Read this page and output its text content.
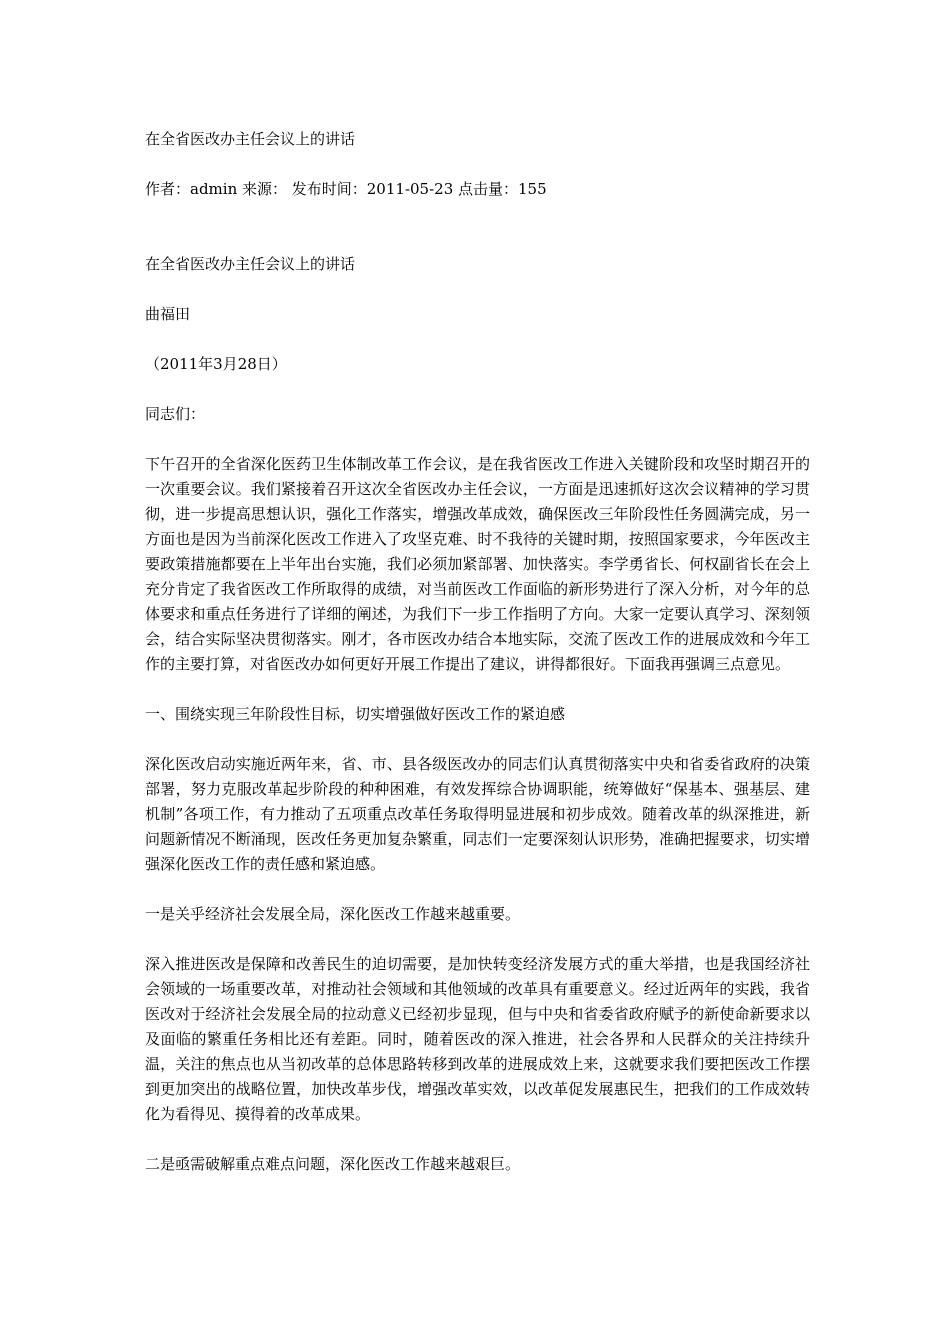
在全省医改办主任会议上的讲话

作者：admin 来源： 发布时间：2011-05-23 点击量：155

在全省医改办主任会议上的讲话

曲福田

（2011年3月28日）

同志们：

下午召开的全省深化医药卫生体制改革工作会议，是在我省医改工作进入关键阶段和攻坚时期召开的一次重要会议。我们紧接着召开这次全省医改办主任会议，一方面是迅速抓好这次会议精神的学习贯彻，进一步提高思想认识，强化工作落实，增强改革成效，确保医改三年阶段性任务圆满完成，另一方面也是因为当前深化医改工作进入了攻坚克难、时不我待的关键时期，按照国家要求，今年医改主要政策措施都要在上半年出台实施，我们必须加紧部署、加快落实。李学勇省长、何权副省长在会上充分肯定了我省医改工作所取得的成绩，对当前医改工作面临的新形势进行了深入分析，对今年的总体要求和重点任务进行了详细的阐述，为我们下一步工作指明了方向。大家一定要认真学习、深刻领会，结合实际坚决贯彻落实。刚才，各市医改办结合本地实际，交流了医改工作的进展成效和今年工作的主要打算，对省医改办如何更好开展工作提出了建议，讲得都很好。下面我再强调三点意见。

一、围绕实现三年阶段性目标，切实增强做好医改工作的紧迫感

深化医改启动实施近两年来，省、市、县各级医改办的同志们认真贯彻落实中央和省委省政府的决策部署，努力克服改革起步阶段的种种困难，有效发挥综合协调职能，统筹做好“保基本、强基层、建机制”各项工作，有力推动了五项重点改革任务取得明显进展和初步成效。随着改革的纵深推进，新问题新情况不断涌现，医改任务更加复杂繁重，同志们一定要深刻认识形势，准确把握要求，切实增强深化医改工作的责任感和紧迫感。

一是关乎经济社会发展全局，深化医改工作越来越重要。

深入推进医改是保障和改善民生的迫切需要，是加快转变经济发展方式的重大举措，也是我国经济社会领域的一场重要改革，对推动社会领域和其他领域的改革具有重要意义。经过近两年的实践，我省医改对于经济社会发展全局的拉动意义已经初步显现，但与中央和省委省政府赋予的新使命新要求以及面临的繁重任务相比还有差距。同时，随着医改的深入推进，社会各界和人民群众的关注持续升温，关注的焦点也从当初改革的总体思路转移到改革的进展成效上来，这就要求我们要把医改工作摆到更加突出的战略位置，加快改革步伐，增强改革实效，以改革促发展惠民生，把我们的工作成效转化为看得见、摸得着的改革成果。

二是亟需破解重点难点问题，深化医改工作越来越艰巨。
